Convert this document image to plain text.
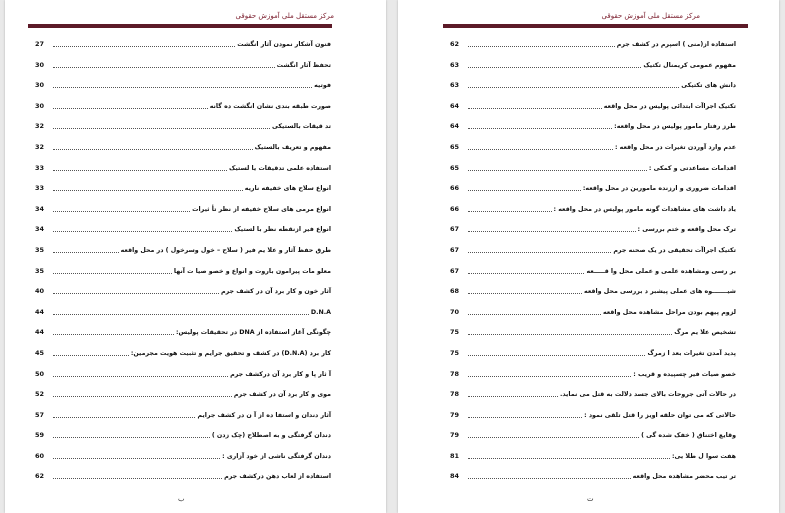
مرکز مستقل ملی آموزش حقوقی
فنون آشکار نمودن آثار انگشت
27
تحفظ آثار انگشت
30
فوتیه
30
صورت طبقه بندی نشان انگشت ده گانه
30
تد قیقات بالستیکی
32
مفهوم و تعریف بالستیک
32
استفاده علمی تدقیقات یا لستیک
33
انواع سلاح های خفیفه ناریه
33
انواع مرمی های سلاح خفیفه از نظر تأ ثیرات
34
انواع فیر ازنقطه نظر با لستیک
34
طرق حفظ آثار و علا یم فیر ( سلاح – خول وسرخول ) در محل واقعه
35
معلو مات پیرامون باروت و انواع و خصو صیا ت آنها
35
آثار خون و کار برد آن در کشف جرم
40
D.N.A
44
چگونگی آغاز استفاده از DNA در تحقیقات پولیس:
44
کار برد (D.N.A) در کشف و تحقیق جرایم و تثبیت هویت مجرمین:
45
آ ثار پا و کار برد آن درکشف جرم
50
موی و کار برد آن در کشف جرم
52
آثار دندان و استفا ده از آ ن در کشف جرایم
57
دندان گرفتگی و به اصطلاح (چک زدن )
59
دندان گرفتگی ناشی از خود آزاری :
60
استفاده از لعاب دهن درکشف جرم
62
ب
مرکز مستقل ملی آموزش حقوقی
استفاده از(منی ) اسپرم در کشف جرم
62
مفهوم عمومی کریمنال تکتیک
63
دانش های تکتیکی
63
تکتیک اجراآت ابتدائی پولیس در محل واقعه
64
طرز رفتار مامور پولیس در محل واقعه:
64
عدم وارد آوردن تغیرات در محل واقعه :
65
اقدامات مساعدتی و کمکی :
65
اقدامات ضروری و ارزنده مامورین در محل واقعه:
66
یاد داشت های مشاهدات گونه مامور پولیس در محل واقعه :
66
ترک محل واقعه و ختم بررسی :
67
تکتیک اجراآت تحقیقی در یک صحنه جرم
67
بر رسی ومشاهده علمی و عملی محل وا قـــــعه
67
شیـــــــوه های عملی پیشبر د بررسی محل واقعه
68
لزوم پیهم بودن مراحل مشاهده محل واقعه
70
تشخیص علا یم مرگ
75
پدید آمدن تغیرات بعد ا زمرگ
75
خصو صیات فیر چسپیده و قریب :
78
در حالات آتی جروحات بالای جسد دلالت به قتل می نماید.
78
حالاتی که می توان حلقه اویز را قتل تلقی نمود :
79
وقایع اختناق ( خفک شده گی )
79
هفت سوا ل طلا یی:
81
تر تیب محضر مشاهده محل واقعه
84
ت
